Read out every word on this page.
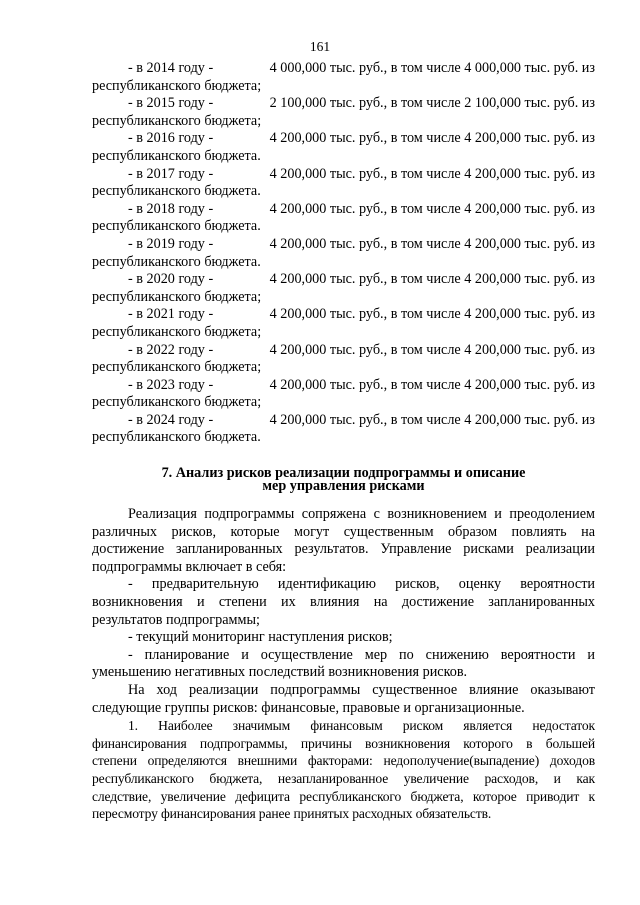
161
- в 2014 году -	4 000,000 тыс. руб., в том числе 4 000,000 тыс. руб. из
республиканского бюджета;
- в 2015 году -	2 100,000 тыс. руб., в том числе 2 100,000 тыс. руб. из
республиканского бюджета;
- в 2016 году -	4 200,000 тыс. руб., в том числе 4 200,000 тыс. руб. из
республиканского бюджета.
- в 2017 году -	4 200,000 тыс. руб., в том числе 4 200,000 тыс. руб. из
республиканского бюджета.
- в 2018 году -	4 200,000 тыс. руб., в том числе 4 200,000 тыс. руб. из
республиканского бюджета.
- в 2019 году -	4 200,000 тыс. руб., в том числе 4 200,000 тыс. руб. из
республиканского бюджета.
- в 2020 году -	4 200,000 тыс. руб., в том числе 4 200,000 тыс. руб. из
республиканского бюджета;
- в 2021 году -	4 200,000 тыс. руб., в том числе 4 200,000 тыс. руб. из
республиканского бюджета;
- в 2022 году -	4 200,000 тыс. руб., в том числе 4 200,000 тыс. руб. из
республиканского бюджета;
- в 2023 году -	4 200,000 тыс. руб., в том числе 4 200,000 тыс. руб. из
республиканского бюджета;
- в 2024 году -	4 200,000 тыс. руб., в том числе 4 200,000 тыс. руб. из
республиканского бюджета.
7. Анализ рисков реализации подпрограммы и описание
мер управления рисками
Реализация подпрограммы сопряжена с возникновением и преодолением
различных рисков, которые могут существенным образом повлиять на
достижение запланированных результатов. Управление рисками реализации
подпрограммы включает в себя:
- предварительную идентификацию рисков, оценку вероятности
возникновения и степени их влияния на достижение запланированных
результатов подпрограммы;
- текущий мониторинг наступления рисков;
- планирование и осуществление мер по снижению вероятности и
уменьшению негативных последствий возникновения рисков.
На ход реализации подпрограммы существенное влияние оказывают
следующие группы рисков: финансовые, правовые и организационные.
1. Наиболее значимым финансовым риском является недостаток
финансирования подпрограммы, причины возникновения которого в большей
степени определяются внешними факторами: недополучение(выпадение) доходов
республиканского бюджета, незапланированное увеличение расходов, и как
следствие, увеличение дефицита республиканского бюджета, которое приводит к
пересмотру финансирования ранее принятых расходных обязательств.
